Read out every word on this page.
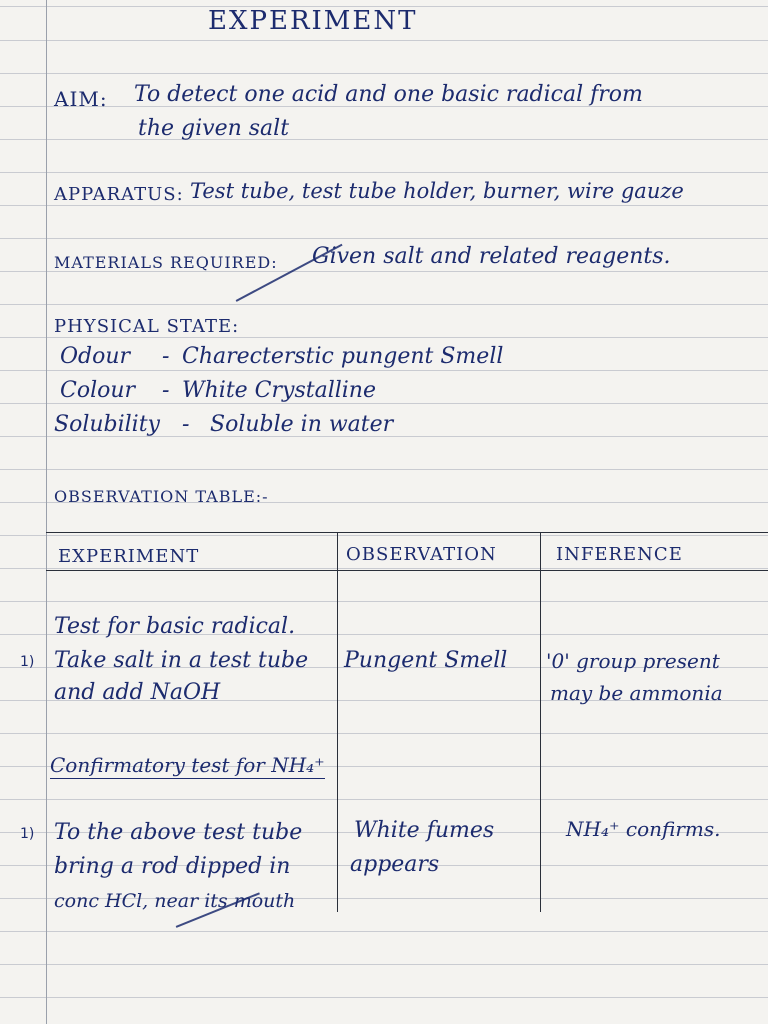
EXPERIMENT
AIM: To detect one acid and one basic radical from
the given salt
APPARATUS: Test tube, test tube holder, burner, wire gauze
MATERIALS REQUIRED: Given salt and related reagents.
PHYSICAL STATE:
Odour - Charecterstic pungent Smell
Colour - White Crystalline
Solubility - Soluble in water
OBSERVATION TABLE:-
EXPERIMENT	OBSERVATION	INFERENCE
Test for basic radical.
1) Take salt in a test tube
and add NaOH
Pungent Smell '0' group present
may be ammonia
Confirmatory test for NH₄⁺
1) To the above test tube
bring a rod dipped in
conc HCl, near its mouth
White fumes
appears
NH₄⁺ confirms.
